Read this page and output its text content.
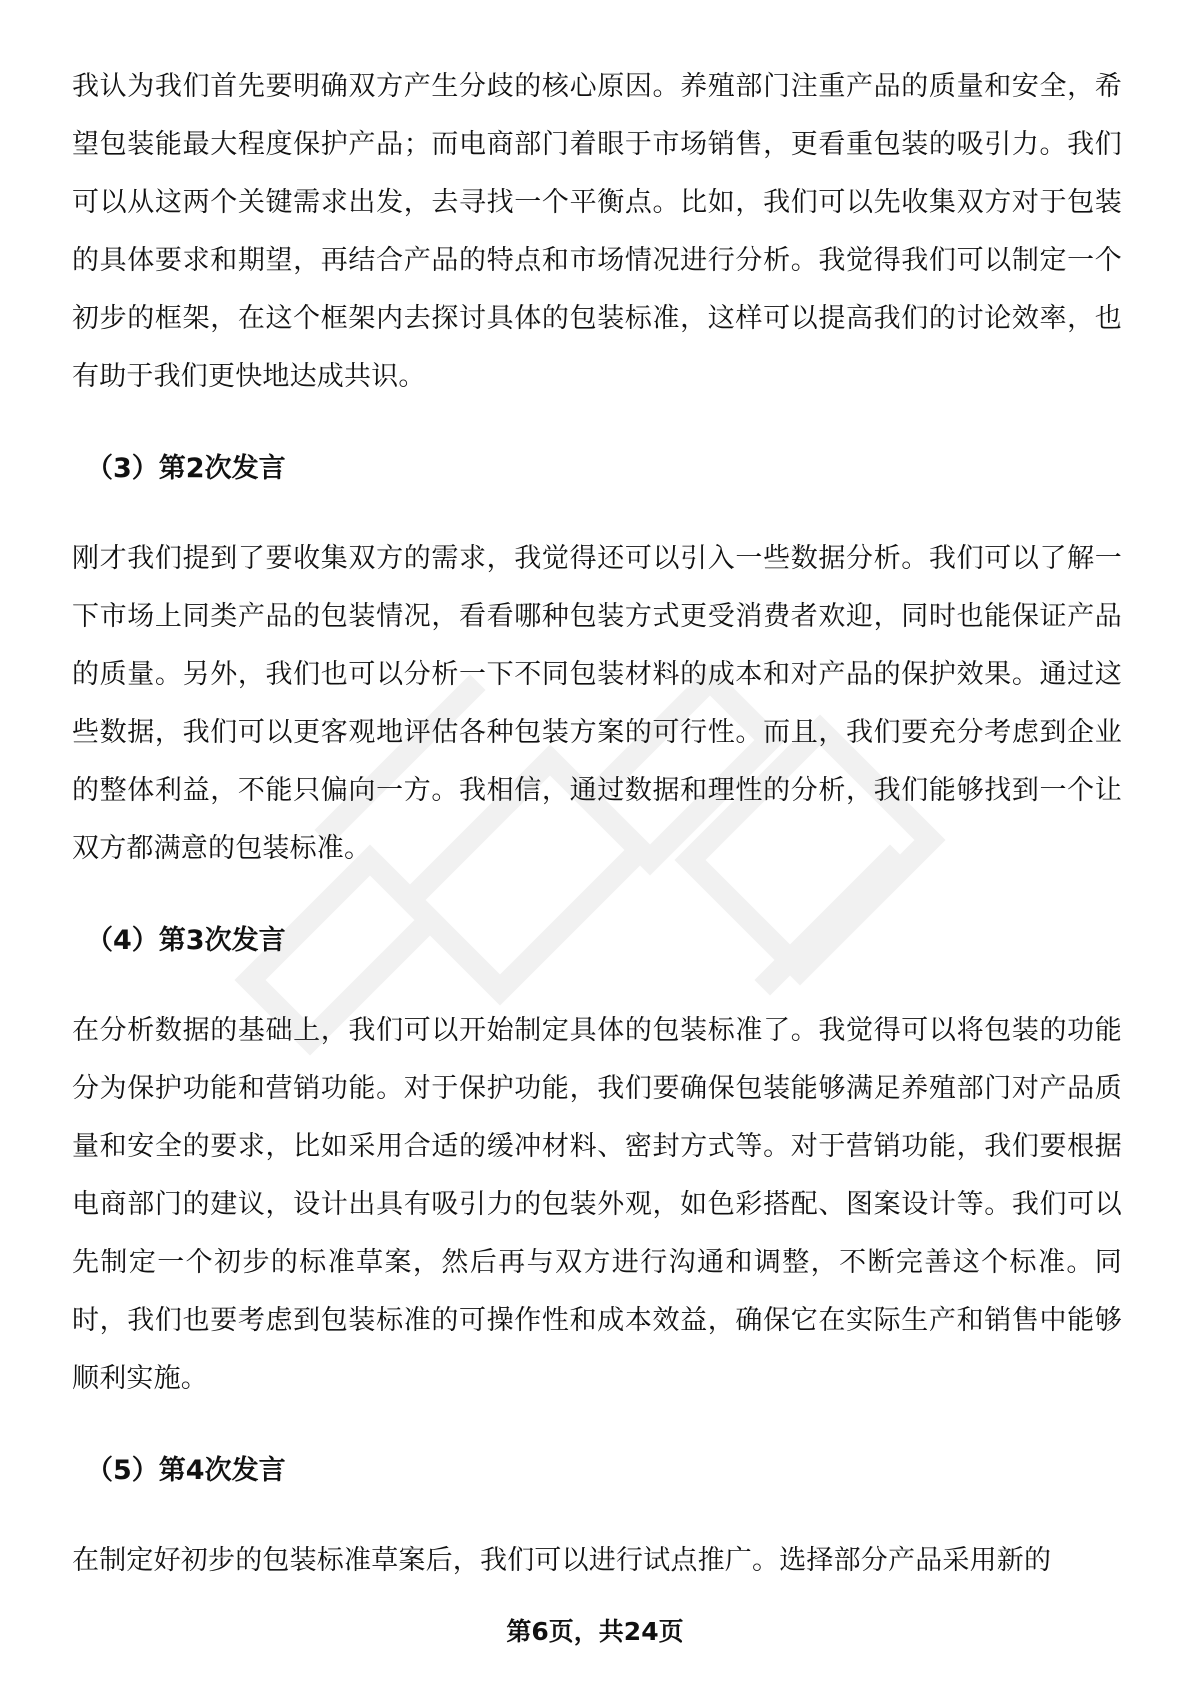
我认为我们首先要明确双方产生分歧的核心原因。养殖部门注重产品的质量和安全，希望包装能最大程度保护产品；而电商部门着眼于市场销售，更看重包装的吸引力。我们可以从这两个关键需求出发，去寻找一个平衡点。比如，我们可以先收集双方对于包装的具体要求和期望，再结合产品的特点和市场情况进行分析。我觉得我们可以制定一个初步的框架，在这个框架内去探讨具体的包装标准，这样可以提高我们的讨论效率，也有助于我们更快地达成共识。

（3）第2次发言

刚才我们提到了要收集双方的需求，我觉得还可以引入一些数据分析。我们可以了解一下市场上同类产品的包装情况，看看哪种包装方式更受消费者欢迎，同时也能保证产品的质量。另外，我们也可以分析一下不同包装材料的成本和对产品的保护效果。通过这些数据，我们可以更客观地评估各种包装方案的可行性。而且，我们要充分考虑到企业的整体利益，不能只偏向一方。我相信，通过数据和理性的分析，我们能够找到一个让双方都满意的包装标准。

（4）第3次发言

在分析数据的基础上，我们可以开始制定具体的包装标准了。我觉得可以将包装的功能分为保护功能和营销功能。对于保护功能，我们要确保包装能够满足养殖部门对产品质量和安全的要求，比如采用合适的缓冲材料、密封方式等。对于营销功能，我们要根据电商部门的建议，设计出具有吸引力的包装外观，如色彩搭配、图案设计等。我们可以先制定一个初步的标准草案，然后再与双方进行沟通和调整，不断完善这个标准。同时，我们也要考虑到包装标准的可操作性和成本效益，确保它在实际生产和销售中能够顺利实施。

（5）第4次发言

在制定好初步的包装标准草案后，我们可以进行试点推广。选择部分产品采用新的

第6页，共24页
